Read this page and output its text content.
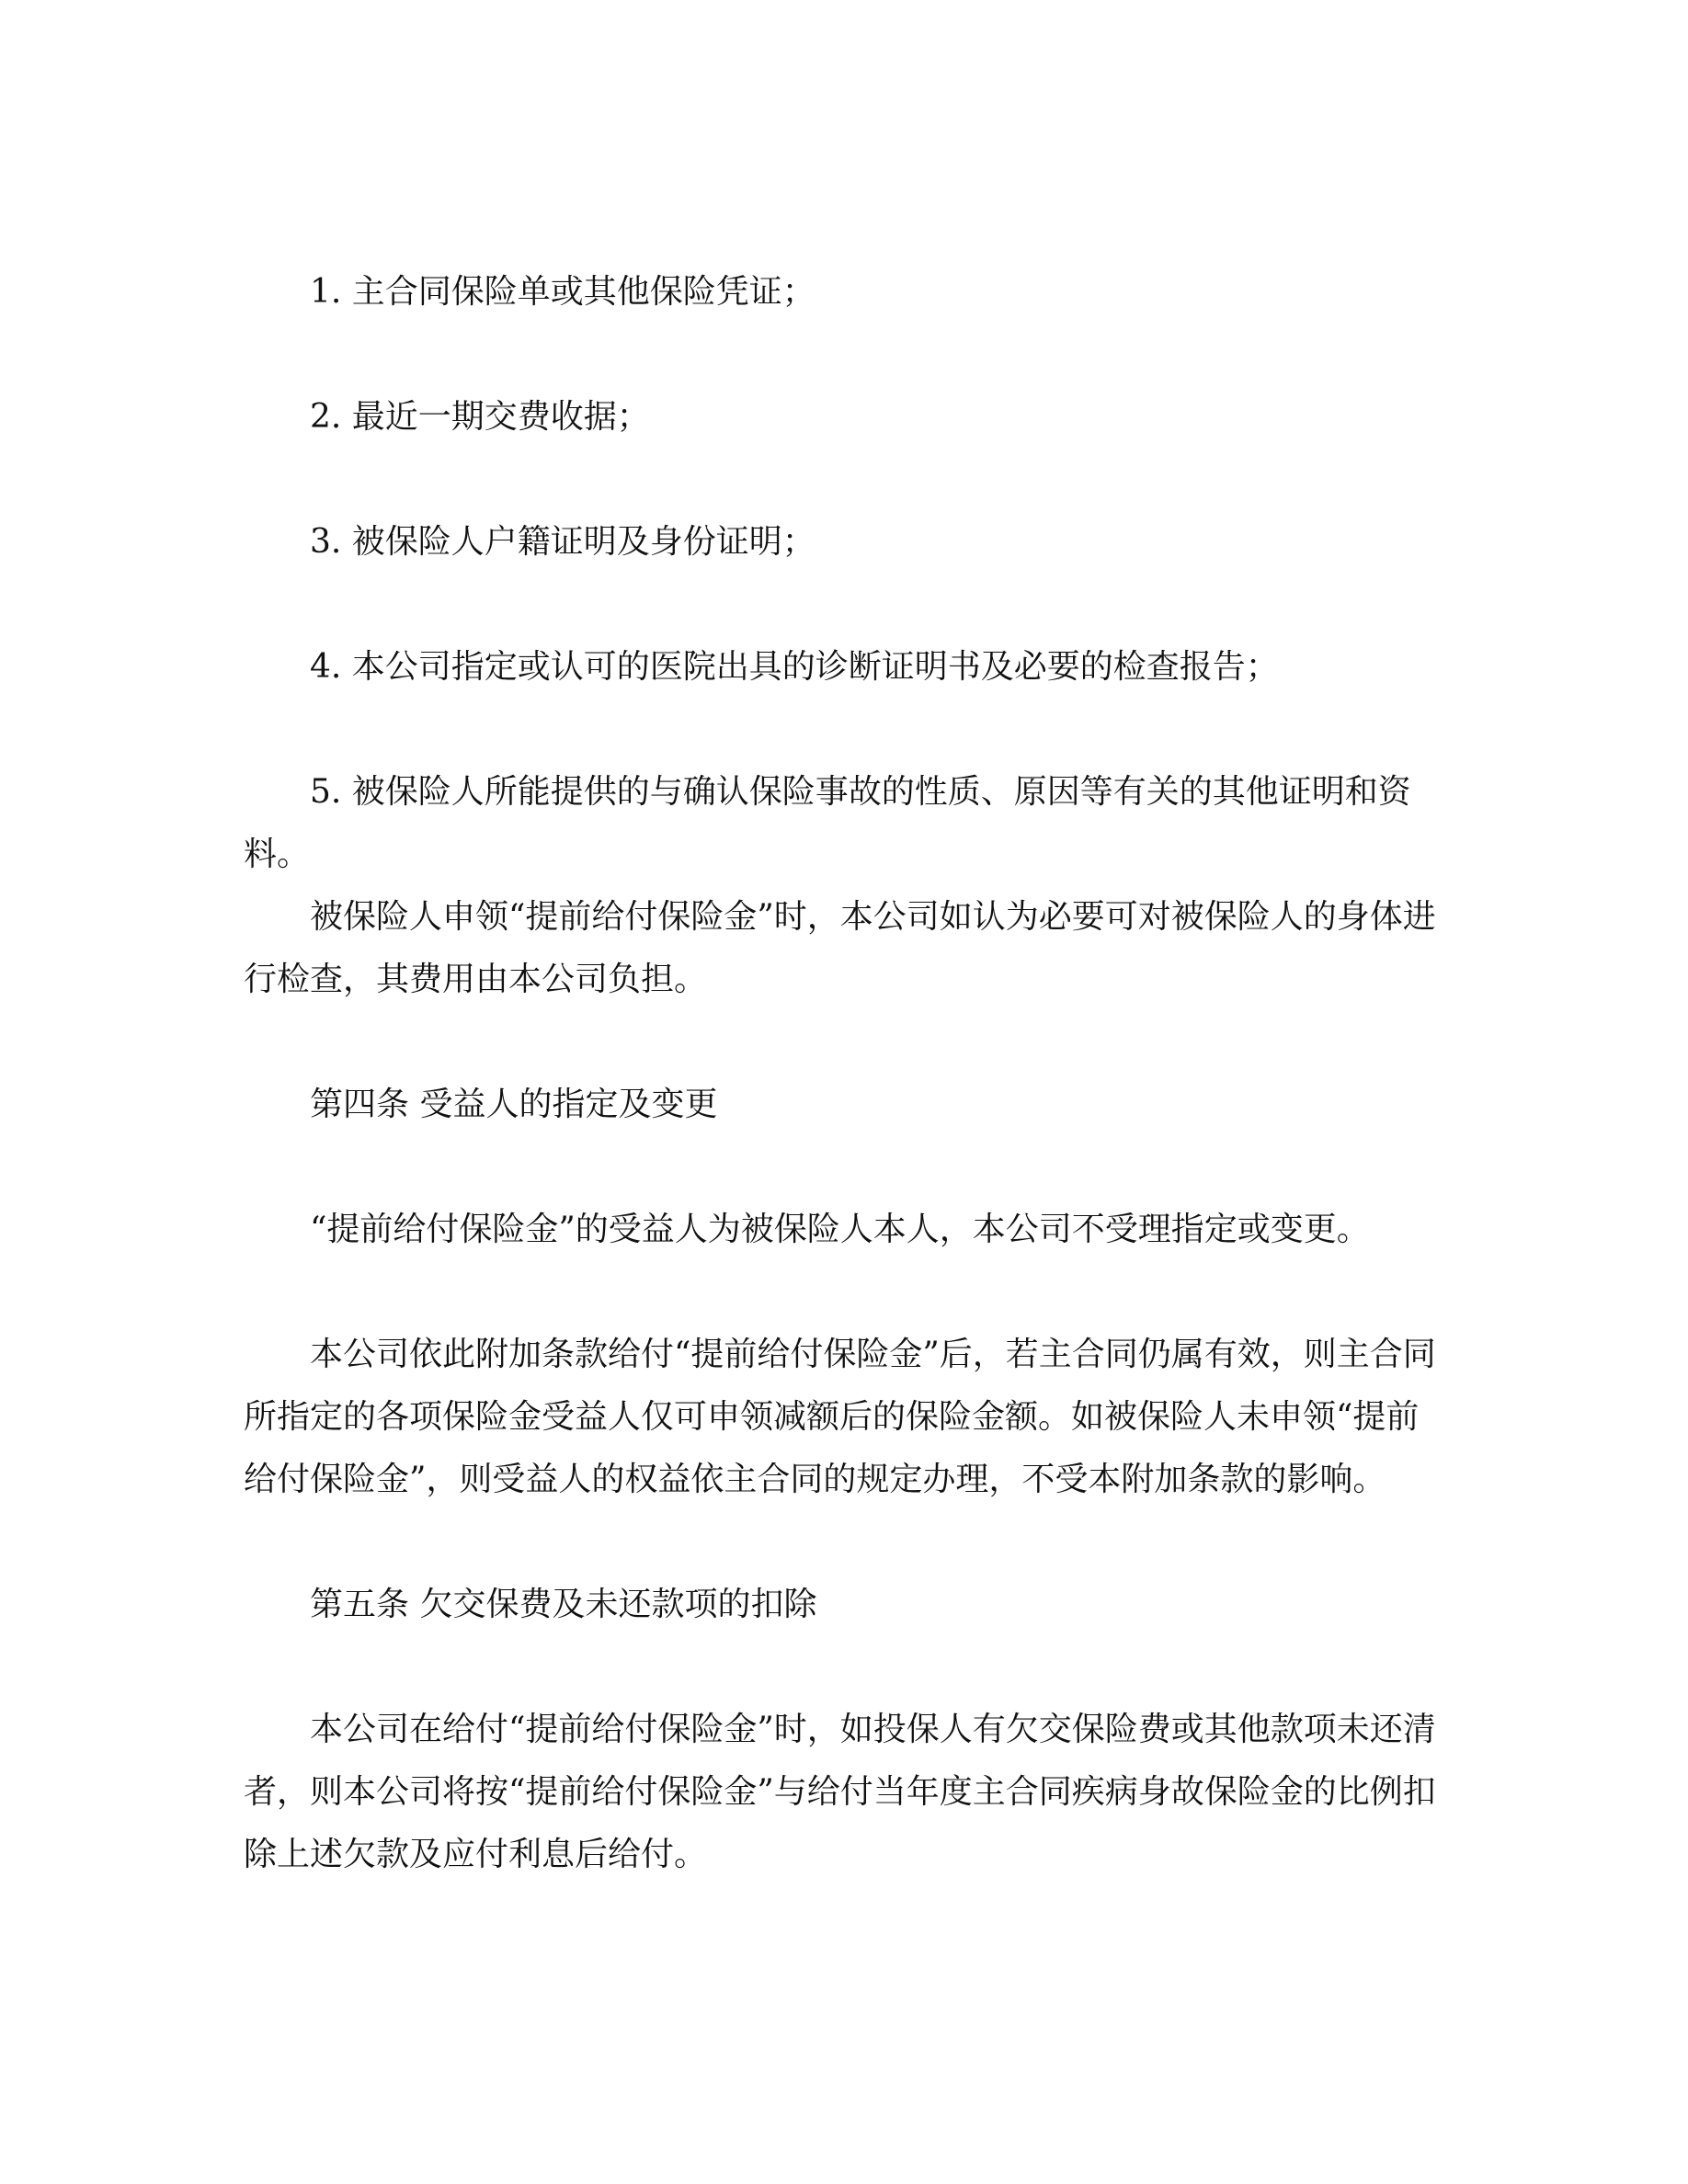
1. 主合同保险单或其他保险凭证；

2. 最近一期交费收据；

3. 被保险人户籍证明及身份证明；

4. 本公司指定或认可的医院出具的诊断证明书及必要的检查报告；

5. 被保险人所能提供的与确认保险事故的性质、原因等有关的其他证明和资料。

被保险人申领“提前给付保险金”时，本公司如认为必要可对被保险人的身体进行检查，其费用由本公司负担。

第四条 受益人的指定及变更

“提前给付保险金”的受益人为被保险人本人，本公司不受理指定或变更。

本公司依此附加条款给付“提前给付保险金”后，若主合同仍属有效，则主合同所指定的各项保险金受益人仅可申领减额后的保险金额。如被保险人未申领“提前给付保险金”，则受益人的权益依主合同的规定办理，不受本附加条款的影响。

第五条 欠交保费及未还款项的扣除

本公司在给付“提前给付保险金”时，如投保人有欠交保险费或其他款项未还清者，则本公司将按“提前给付保险金”与给付当年度主合同疾病身故保险金的比例扣除上述欠款及应付利息后给付。
